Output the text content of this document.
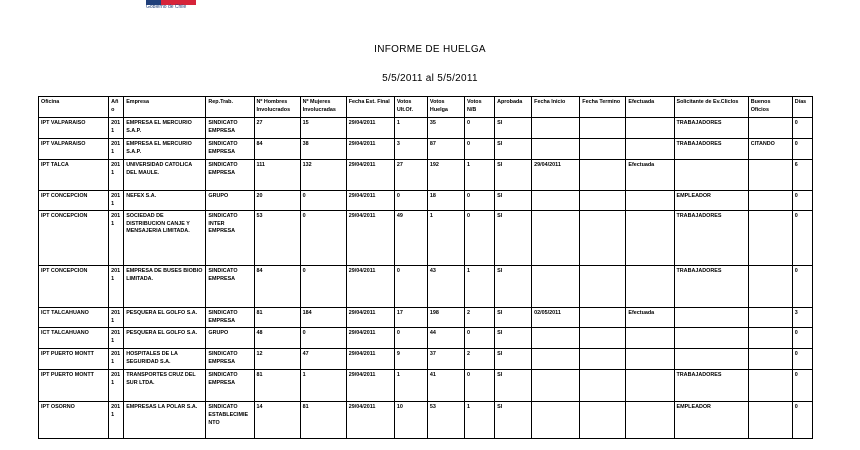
Gobierno de Chile
INFORME DE HUELGA
5/5/2011 al 5/5/2011
Oficina	Año	Empresa	Rep.Trab.	Nº Hombres Involucrados	Nº Mujeres Involucradas	Fecha Est. Final	Votos Ult.Of.	Votos Huelga	Votos N/B	Aprobada	Fecha Inicio	Fecha Termino	Efectuada	Solicitante de Ev.Cliclos	Buenos Oficios	Días
IPT VALPARAISO	2011	EMPRESA EL MERCURIO S.A.P.	SINDICATO EMPRESA	27	15	29/04/2011	1	35	0	SI				TRABAJADORES		0
IPT VALPARAISO	2011	EMPRESA EL MERCURIO S.A.P.	SINDICATO EMPRESA	84	38	29/04/2011	3	87	0	SI				TRABAJADORES	CITANDO	0
IPT TALCA	2011	UNIVERSIDAD CATOLICA DEL MAULE.	SINDICATO EMPRESA	111	132	29/04/2011	27	192	1	SI	29/04/2011		Efectuada			6
IPT CONCEPCION	2011	NEFEX S.A.	GRUPO	20	0	29/04/2011	0	18	0	SI				EMPLEADOR		0
IPT CONCEPCION	2011	SOCIEDAD DE DISTRIBUCION CANJE Y MENSAJERIA LIMITADA.	SINDICATO INTER EMPRESA	53	0	29/04/2011	49	1	0	SI				TRABAJADORES		0
IPT CONCEPCION	2011	EMPRESA DE BUSES BIOBIO LIMITADA.	SINDICATO EMPRESA	84	0	29/04/2011	0	43	1	SI				TRABAJADORES		0
ICT TALCAHUANO	2011	PESQUERA EL GOLFO S.A.	SINDICATO EMPRESA	81	184	29/04/2011	17	198	2	SI	02/05/2011		Efectuada			3
ICT TALCAHUANO	2011	PESQUERA EL GOLFO S.A.	GRUPO	48	0	29/04/2011	0	44	0	SI						0
IPT PUERTO MONTT	2011	HOSPITALES DE LA SEGURIDAD S.A.	SINDICATO EMPRESA	12	47	29/04/2011	9	37	2	SI						0
IPT PUERTO MONTT	2011	TRANSPORTES CRUZ DEL SUR LTDA.	SINDICATO EMPRESA	81	1	29/04/2011	1	41	0	SI				TRABAJADORES		0
IPT OSORNO	2011	EMPRESAS LA POLAR S.A.	SINDICATO ESTABLECIMIENTO	14	81	29/04/2011	10	53	1	SI				EMPLEADOR		0
